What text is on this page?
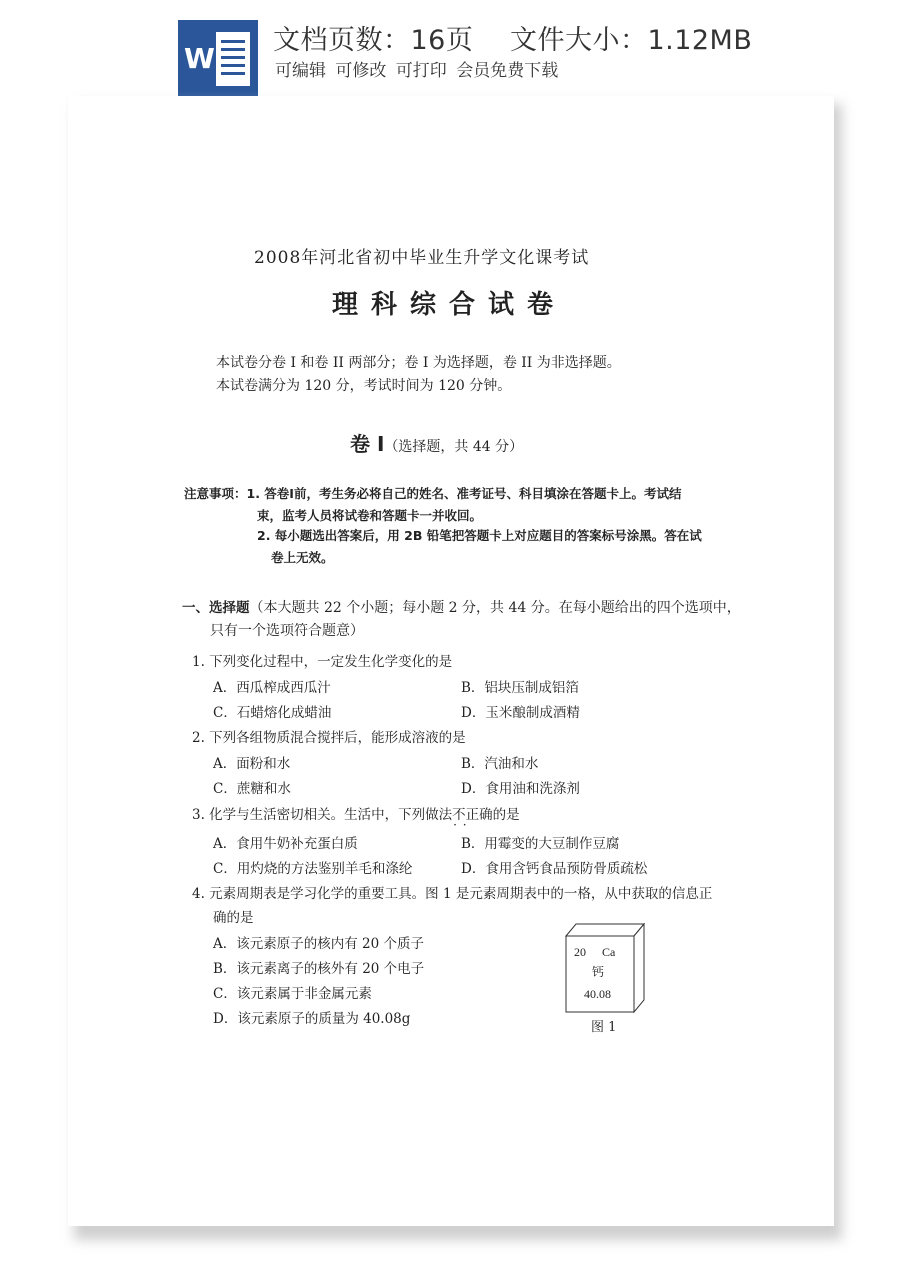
W
文档页数：16页　 文件大小：1.12MB
可编辑 可修改 可打印 会员免费下载
2008年河北省初中毕业生升学文化课考试
理科综合试卷
本试卷分卷 I 和卷 II 两部分；卷 I 为选择题，卷 II 为非选择题。
本试卷满分为 120 分，考试时间为 120 分钟。
卷 I（选择题，共 44 分）
注意事项：1. 答卷Ⅰ前，考生务必将自己的姓名、准考证号、科目填涂在答题卡上。考试结
束，监考人员将试卷和答题卡一并收回。
2. 每小题选出答案后，用 2B 铅笔把答题卡上对应题目的答案标号涂黑。答在试
卷上无效。
一、选择题（本大题共 22 个小题；每小题 2 分，共 44 分。在每小题给出的四个选项中，
只有一个选项符合题意）
1. 下列变化过程中，一定发生化学变化的是
A．西瓜榨成西瓜汁	B．铝块压制成铝箔
C．石蜡熔化成蜡油	D．玉米酿制成酒精
2. 下列各组物质混合搅拌后，能形成溶液的是
A．面粉和水	B．汽油和水
C．蔗糖和水	D．食用油和洗涤剂
3. 化学与生活密切相关。生活中，下列做法不正确 · ·的是
A．食用牛奶补充蛋白质	B．用霉变的大豆制作豆腐
C．用灼烧的方法鉴别羊毛和涤纶	D．食用含钙食品预防骨质疏松
4. 元素周期表是学习化学的重要工具。图 1 是元素周期表中的一格，从中获取的信息正
确的是
A．该元素原子的核内有 20 个质子
B．该元素离子的核外有 20 个电子
C．该元素属于非金属元素
D．该元素原子的质量为 40.08g
20 Ca
钙
40.08
图 1
